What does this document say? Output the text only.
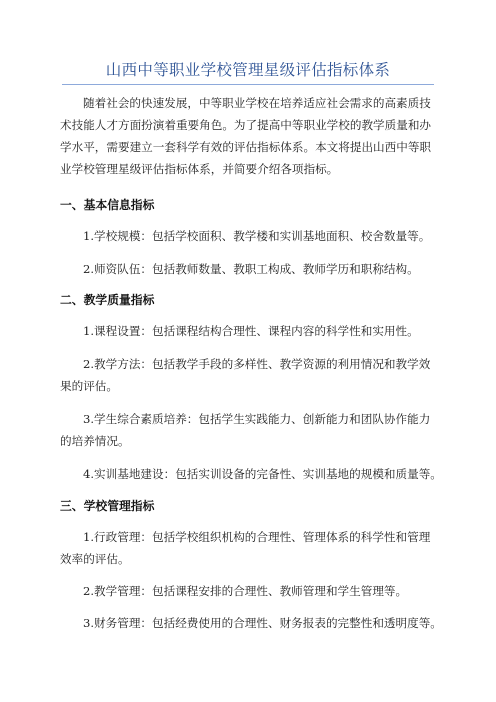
山西中等职业学校管理星级评估指标体系
随着社会的快速发展，中等职业学校在培养适应社会需求的高素质技
术技能人才方面扮演着重要角色。为了提高中等职业学校的教学质量和办
学水平，需要建立一套科学有效的评估指标体系。本文将提出山西中等职
业学校管理星级评估指标体系，并简要介绍各项指标。
一、基本信息指标
1.学校规模：包括学校面积、教学楼和实训基地面积、校舍数量等。
2.师资队伍：包括教师数量、教职工构成、教师学历和职称结构。
二、教学质量指标
1.课程设置：包括课程结构合理性、课程内容的科学性和实用性。
2.教学方法：包括教学手段的多样性、教学资源的利用情况和教学效
果的评估。
3.学生综合素质培养：包括学生实践能力、创新能力和团队协作能力
的培养情况。
4.实训基地建设：包括实训设备的完备性、实训基地的规模和质量等。
三、学校管理指标
1.行政管理：包括学校组织机构的合理性、管理体系的科学性和管理
效率的评估。
2.教学管理：包括课程安排的合理性、教师管理和学生管理等。
3.财务管理：包括经费使用的合理性、财务报表的完整性和透明度等。
